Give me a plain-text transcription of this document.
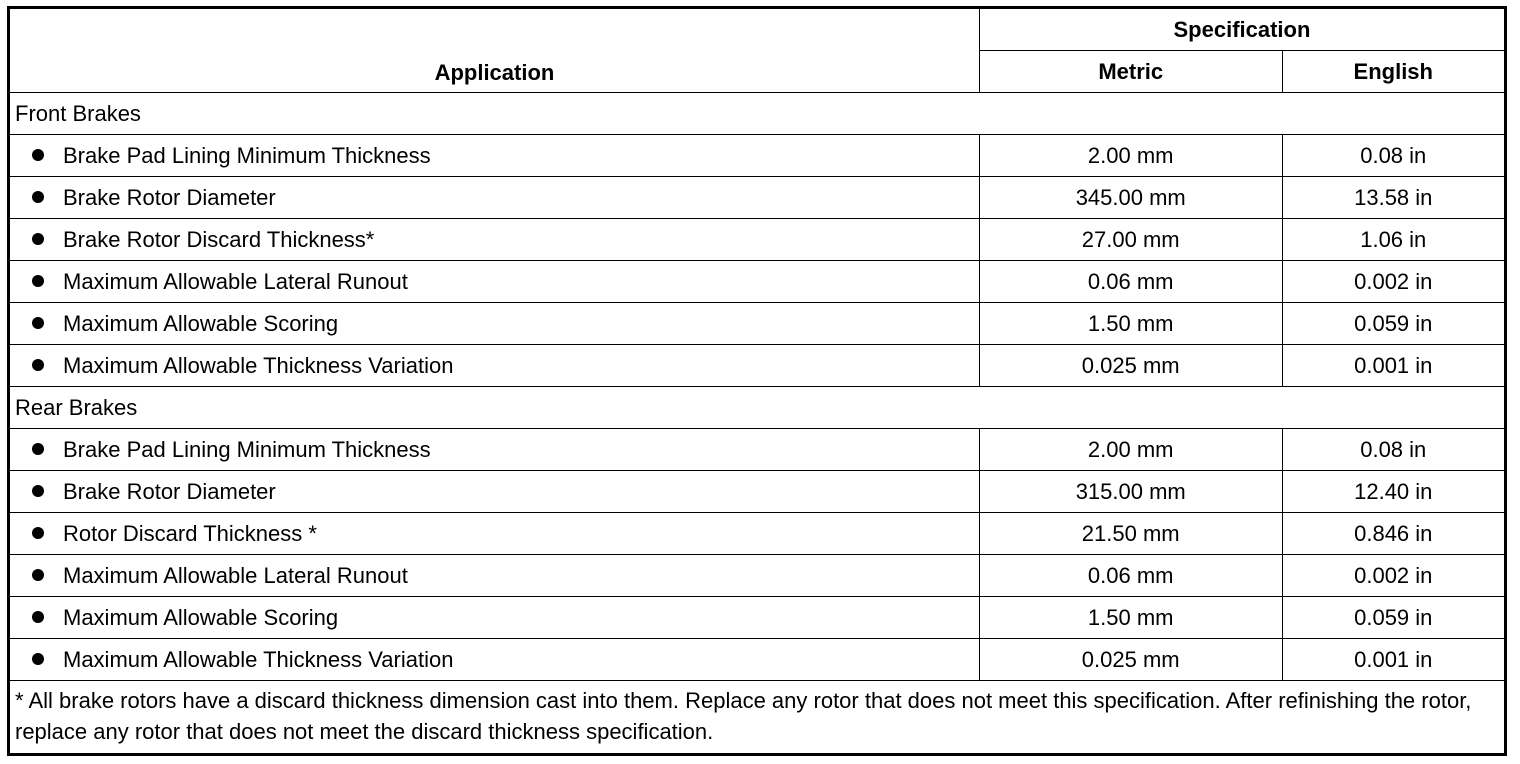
Application	Specification	
	Metric	English
Front Brakes		
Brake Pad Lining Minimum Thickness	2.00 mm	0.08 in
Brake Rotor Diameter	345.00 mm	13.58 in
Brake Rotor Discard Thickness*	27.00 mm	1.06 in
Maximum Allowable Lateral Runout	0.06 mm	0.002 in
Maximum Allowable Scoring	1.50 mm	0.059 in
Maximum Allowable Thickness Variation	0.025 mm	0.001 in
Rear Brakes		
Brake Pad Lining Minimum Thickness	2.00 mm	0.08 in
Brake Rotor Diameter	315.00 mm	12.40 in
Rotor Discard Thickness *	21.50 mm	0.846 in
Maximum Allowable Lateral Runout	0.06 mm	0.002 in
Maximum Allowable Scoring	1.50 mm	0.059 in
Maximum Allowable Thickness Variation	0.025 mm	0.001 in
* All brake rotors have a discard thickness dimension cast into them. Replace any rotor that does not meet this specification. After refinishing the rotor, replace any rotor that does not meet the discard thickness specification.		
